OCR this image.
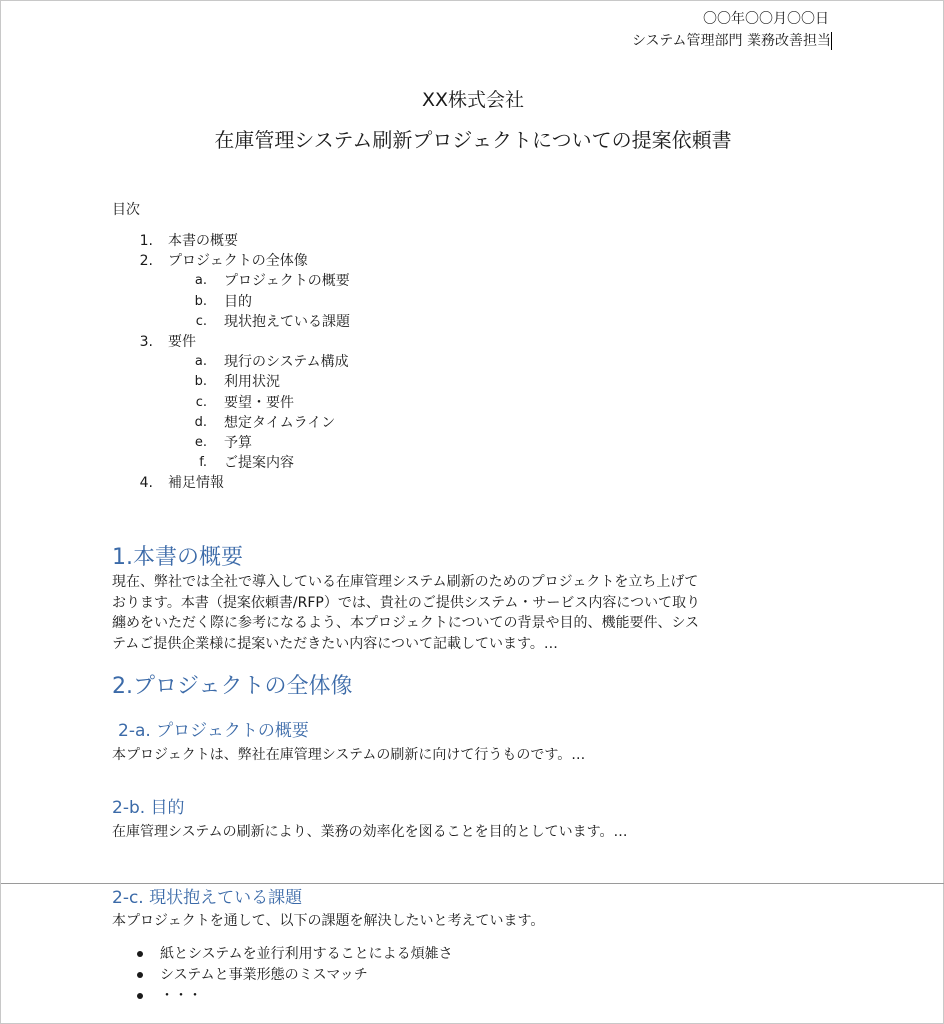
〇〇年〇〇月〇〇日
システム管理部門 業務改善担当
XX株式会社
在庫管理システム刷新プロジェクトについての提案依頼書
目次
1. 本書の概要
2. プロジェクトの全体像
a. プロジェクトの概要
b. 目的
c. 現状抱えている課題
3. 要件
a. 現行のシステム構成
b. 利用状況
c. 要望・要件
d. 想定タイムライン
e. 予算
f. ご提案内容
4. 補足情報
1.本書の概要
現在、弊社では全社で導入している在庫管理システム刷新のためのプロジェクトを立ち上げて
おります。本書（提案依頼書/RFP）では、貴社のご提供システム・サービス内容について取り
纏めをいただく際に参考になるよう、本プロジェクトについての背景や目的、機能要件、シス
テムご提供企業様に提案いただきたい内容について記載しています。…
2.プロジェクトの全体像
2-a. プロジェクトの概要
本プロジェクトは、弊社在庫管理システムの刷新に向けて行うものです。…
2-b. 目的
在庫管理システムの刷新により、業務の効率化を図ることを目的としています。…
2-c. 現状抱えている課題
本プロジェクトを通して、以下の課題を解決したいと考えています。
紙とシステムを並行利用することによる煩雑さ
システムと事業形態のミスマッチ
・・・
